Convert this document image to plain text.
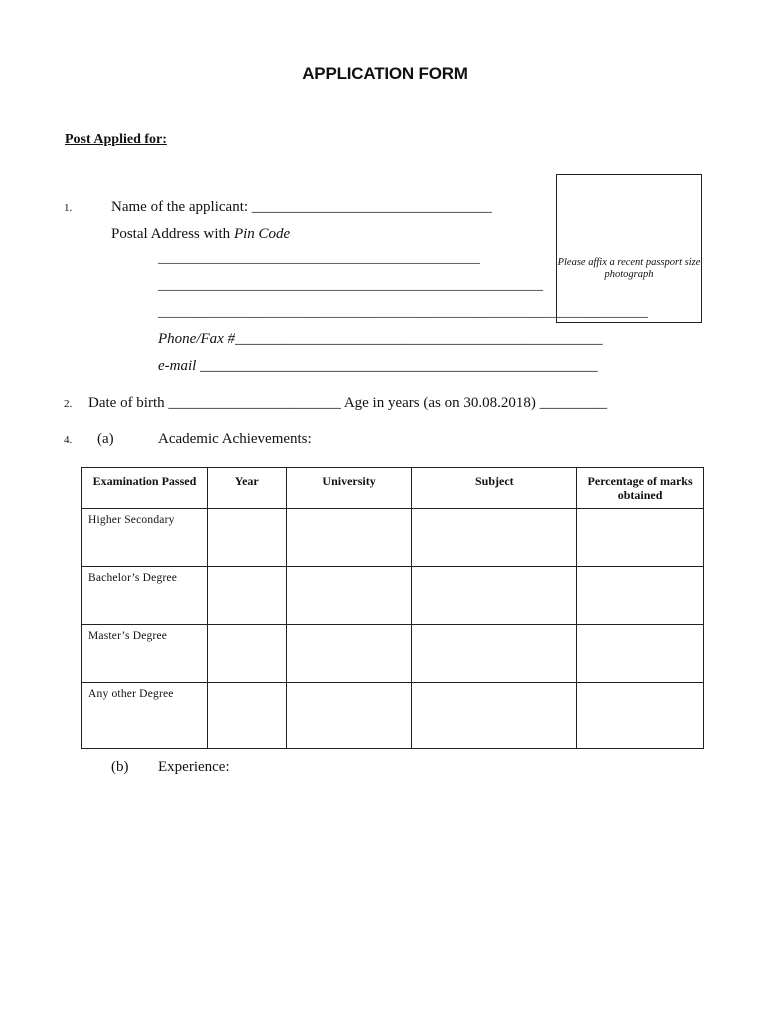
APPLICATION FORM
Post Applied for:
Please affix a recent passport size photograph
1.	Name of the applicant: ________________________________
Postal Address with Pin Code
______________________________________________
_______________________________________________________
______________________________________________________________________
Phone/Fax #_________________________________________________
e-mail _____________________________________________________
2. Date of birth _______________________ Age in years (as on 30.08.2018) _________
4. (a)	Academic Achievements:
Examination Passed	Year	University	Subject	Percentage of marks obtained
Higher Secondary				
Bachelor’s Degree				
Master’s Degree				
Any other Degree				
(b) Experience:
